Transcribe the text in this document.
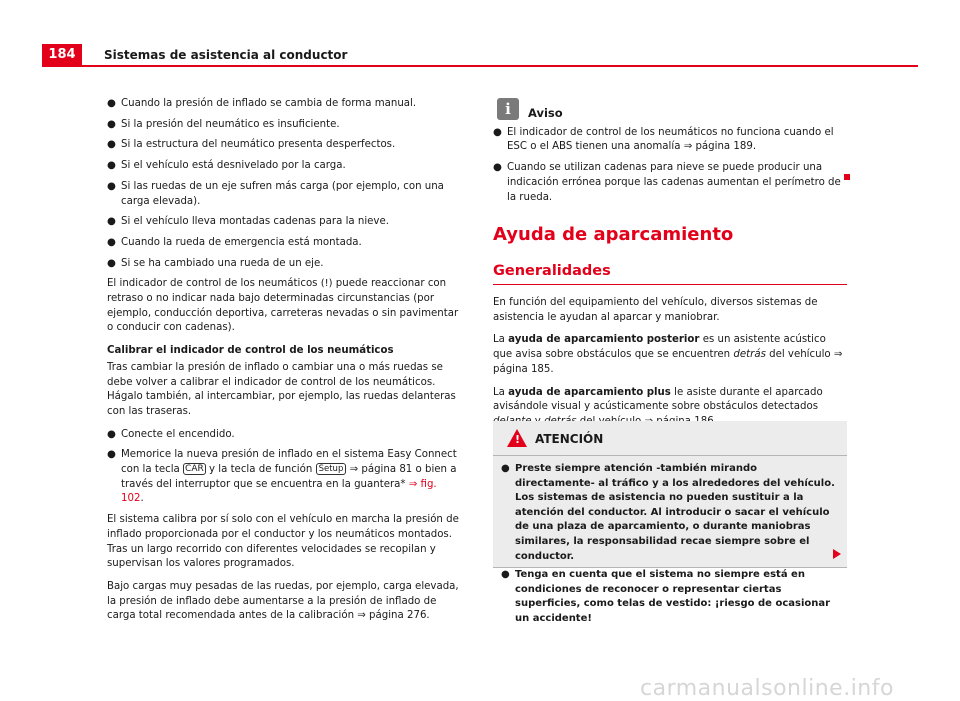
184	Sistemas de asistencia al conductor
● Cuando la presión de inflado se cambia de forma manual.
● Si la presión del neumático es insuficiente.
● Si la estructura del neumático presenta desperfectos.
● Si el vehículo está desnivelado por la carga.
● Si las ruedas de un eje sufren más carga (por ejemplo, con una carga elevada).
● Si el vehículo lleva montadas cadenas para la nieve.
● Cuando la rueda de emergencia está montada.
● Si se ha cambiado una rueda de un eje.

El indicador de control de los neumáticos (!) puede reaccionar con retraso o no indicar nada bajo determinadas circunstancias (por ejemplo, conducción deportiva, carreteras nevadas o sin pavimentar o conducir con cadenas).

Calibrar el indicador de control de los neumáticos

Tras cambiar la presión de inflado o cambiar una o más ruedas se debe volver a calibrar el indicador de control de los neumáticos. Hágalo también, al intercambiar, por ejemplo, las ruedas delanteras con las traseras.

● Conecte el encendido.
● Memorice la nueva presión de inflado en el sistema Easy Connect con la tecla CAR y la tecla de función Setup ⇒ página 81 o bien a través del interruptor que se encuentra en la guantera* ⇒ fig. 102.

El sistema calibra por sí solo con el vehículo en marcha la presión de inflado proporcionada por el conductor y los neumáticos montados. Tras un largo recorrido con diferentes velocidades se recopilan y supervisan los valores programados.

Bajo cargas muy pesadas de las ruedas, por ejemplo, carga elevada, la presión de inflado debe aumentarse a la presión de inflado de carga total recomendada antes de la calibración ⇒ página 276.

i	Aviso
● El indicador de control de los neumáticos no funciona cuando el ESC o el ABS tienen una anomalía ⇒ página 189.
● Cuando se utilizan cadenas para nieve se puede producir una indicación errónea porque las cadenas aumentan el perímetro de la rueda.
Ayuda de aparcamiento
Generalidades

En función del equipamiento del vehículo, diversos sistemas de asistencia le ayudan al aparcar y maniobrar.

La ayuda de aparcamiento posterior es un asistente acústico que avisa sobre obstáculos que se encuentren detrás del vehículo ⇒ página 185.

La ayuda de aparcamiento plus le asiste durante el aparcado avisándole visual y acústicamente sobre obstáculos detectados

! ATENCIÓN
● Preste siempre atención -también mirando directamente- al tráfico y a los alrededores del vehículo. Los sistemas de asistencia no pueden sustituir a la atención del conductor. Al introducir o sacar el vehículo de una plaza de aparcamiento, o durante maniobras similares, la responsabilidad recae siempre sobre el conductor.
● Tenga en cuenta que el sistema no siempre está en condiciones de reconocer o representar ciertas superficies, como telas de vestido: ¡riesgo de ocasionar un accidente!
carmanualsonline.info
